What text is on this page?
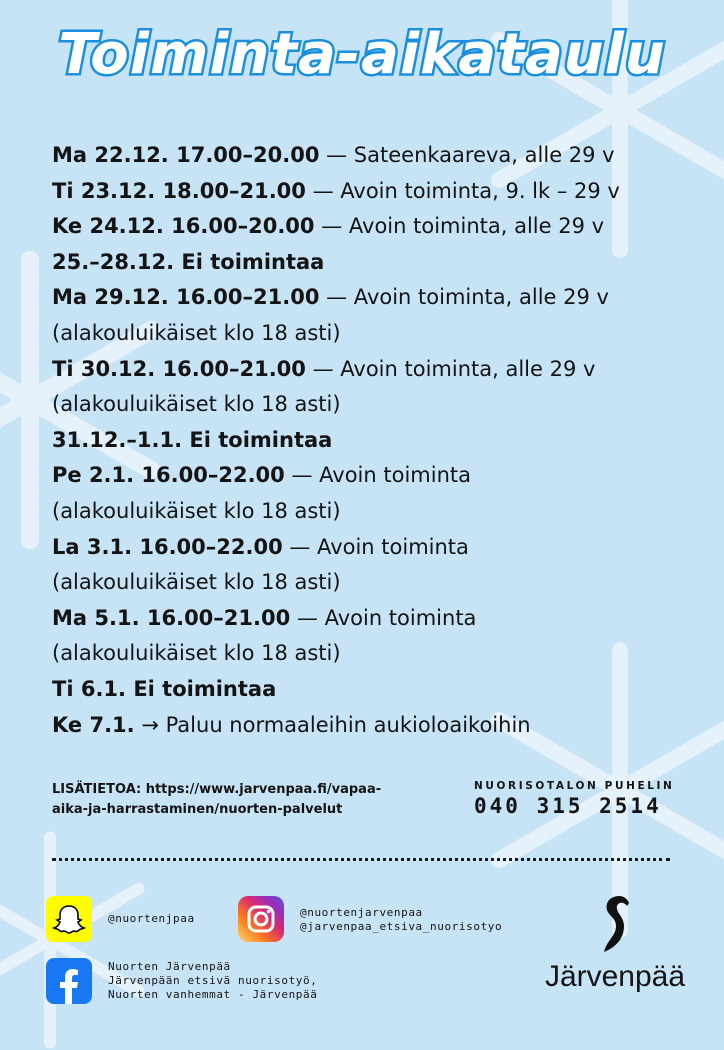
Toiminta-aikataulu
Ma 22.12. 17.00–20.00 — Sateenkaareva, alle 29 v
Ti 23.12. 18.00–21.00 — Avoin toiminta, 9. lk – 29 v
Ke 24.12. 16.00–20.00 — Avoin toiminta, alle 29 v
25.–28.12. Ei toimintaa
Ma 29.12. 16.00–21.00 — Avoin toiminta, alle 29 v
(alakouluikäiset klo 18 asti)
Ti 30.12. 16.00–21.00 — Avoin toiminta, alle 29 v
(alakouluikäiset klo 18 asti)
31.12.–1.1. Ei toimintaa
Pe 2.1. 16.00–22.00 — Avoin toiminta
(alakouluikäiset klo 18 asti)
La 3.1. 16.00–22.00 — Avoin toiminta
(alakouluikäiset klo 18 asti)
Ma 5.1. 16.00–21.00 — Avoin toiminta
(alakouluikäiset klo 18 asti)
Ti 6.1. Ei toimintaa
Ke 7.1. → Paluu normaaleihin aukioloaikoihin
LISÄTIETOA: https://www.jarvenpaa.fi/vapaa-
aika-ja-harrastaminen/nuorten-palvelut
NUORISOTALON PUHELIN
040 315 2514
@nuortenjpaa	@nuortenjarvenpaa
@jarvenpaa_etsiva_nuorisotyo
Nuorten Järvenpää
Järvenpään etsivä nuorisotyö,
Nuorten vanhemmat - Järvenpää
Järvenpää
